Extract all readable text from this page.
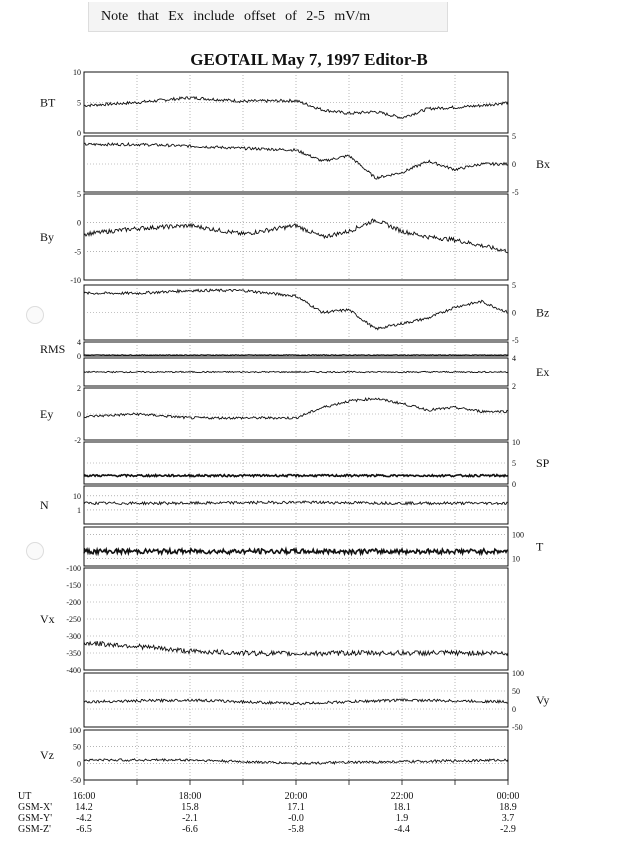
Note that Ex include offset of 2-5 mV/m
GEOTAIL May 7, 1997 Editor-B
10
5
0
BT
5
0
-5
Bx
5
0
-5
-10
By
5
0
-5
Bz
4
0
RMS
4
2
Ex
2
0
-2
Ey
10
5
0
SP
10
1
N
100
10
T
-100
-150
-200
-250
-300
-350
-400
Vx
100
50
0
-50
Vy
100
50
0
-50
Vz
UT
GSM-X'
GSM-Y'
GSM-Z'
16:00
14.2
-4.2
-6.5
18:00
15.8
-2.1
-6.6
20:00
17.1
-0.0
-5.8
22:00
18.1
1.9
-4.4
00:00
18.9
3.7
-2.9
